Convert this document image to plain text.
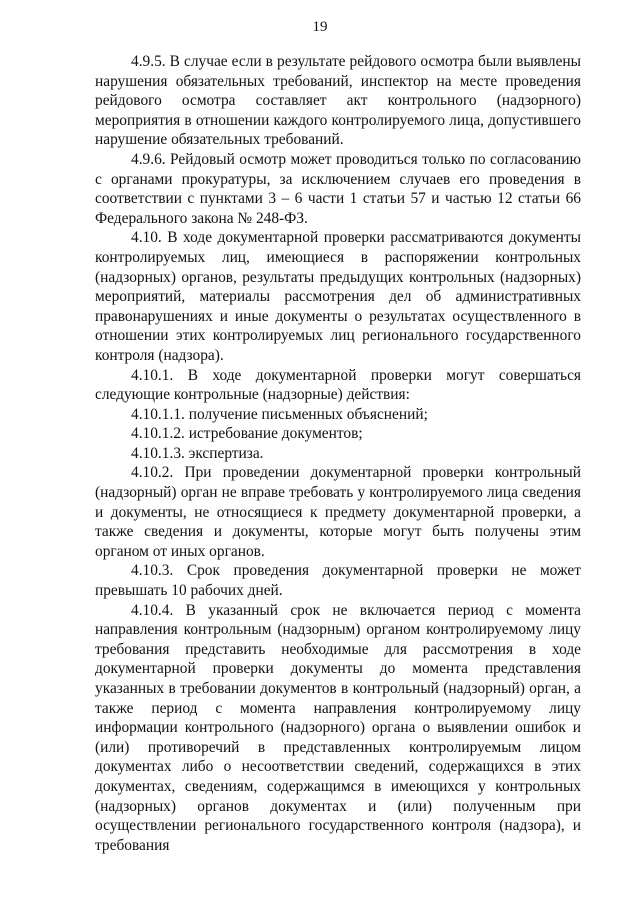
19

4.9.5. В случае если в результате рейдового осмотра были выявлены нарушения обязательных требований, инспектор на месте проведения рейдового осмотра составляет акт контрольного (надзорного) мероприятия в отношении каждого контролируемого лица, допустившего нарушение обязательных требований.

4.9.6. Рейдовый осмотр может проводиться только по согласованию с органами прокуратуры, за исключением случаев его проведения в соответствии с пунктами 3 – 6 части 1 статьи 57 и частью 12 статьи 66 Федерального закона № 248-ФЗ.

4.10. В ходе документарной проверки рассматриваются документы контролируемых лиц, имеющиеся в распоряжении контрольных (надзорных) органов, результаты предыдущих контрольных (надзорных) мероприятий, материалы рассмотрения дел об административных правонарушениях и иные документы о результатах осуществленного в отношении этих контролируемых лиц регионального государственного контроля (надзора).

4.10.1. В ходе документарной проверки могут совершаться следующие контрольные (надзорные) действия:

4.10.1.1. получение письменных объяснений;

4.10.1.2. истребование документов;

4.10.1.3. экспертиза.

4.10.2. При проведении документарной проверки контрольный (надзорный) орган не вправе требовать у контролируемого лица сведения и документы, не относящиеся к предмету документарной проверки, а также сведения и документы, которые могут быть получены этим органом от иных органов.

4.10.3. Срок проведения документарной проверки не может превышать 10 рабочих дней.

4.10.4. В указанный срок не включается период с момента направления контрольным (надзорным) органом контролируемому лицу требования представить необходимые для рассмотрения в ходе документарной проверки документы до момента представления указанных в требовании документов в контрольный (надзорный) орган, а также период с момента направления контролируемому лицу информации контрольного (надзорного) органа о выявлении ошибок и (или) противоречий в представленных контролируемым лицом документах либо о несоответствии сведений, содержащихся в этих документах, сведениям, содержащимся в имеющихся у контрольных (надзорных) органов документах и (или) полученным при осуществлении регионального государственного контроля (надзора), и требования
